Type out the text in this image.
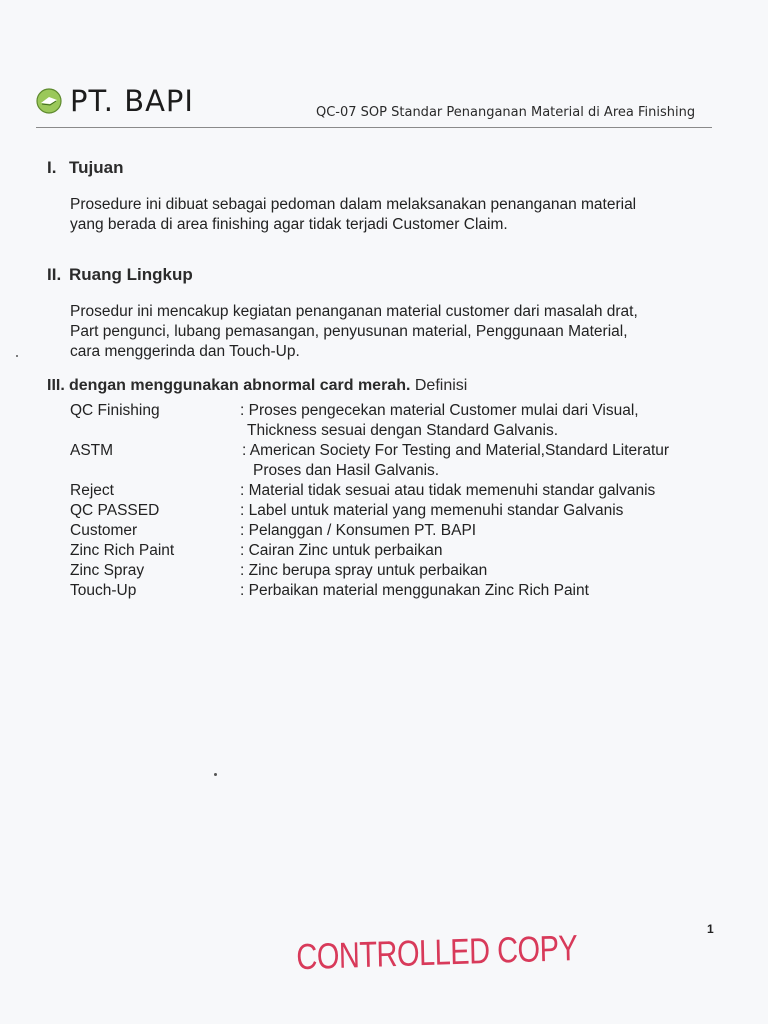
PT. BAPI	QC-07 SOP Standar Penanganan Material di Area Finishing
I. Tujuan
Prosedure ini dibuat sebagai pedoman dalam melaksanakan penanganan material
yang berada di area finishing agar tidak terjadi Customer Claim.
II. Ruang Lingkup
Prosedur ini mencakup kegiatan penanganan material customer dari masalah drat,
Part pengunci, lubang pemasangan, penyusunan material, Penggunaan Material,
cara menggerinda dan Touch-Up.
III. dengan menggunakan abnormal card merah. Definisi
QC Finishing	: Proses pengecekan material Customer mulai dari Visual,
Thickness sesuai dengan Standard Galvanis.
ASTM	: American Society For Testing and Material,Standard Literatur
Proses dan Hasil Galvanis.
Reject	: Material tidak sesuai atau tidak memenuhi standar galvanis
QC PASSED	: Label untuk material yang memenuhi standar Galvanis
Customer	: Pelanggan / Konsumen PT. BAPI
Zinc Rich Paint	: Cairan Zinc untuk perbaikan
Zinc Spray	: Zinc berupa spray untuk perbaikan
Touch-Up	: Perbaikan material menggunakan Zinc Rich Paint
1
CONTROLLED COPY
